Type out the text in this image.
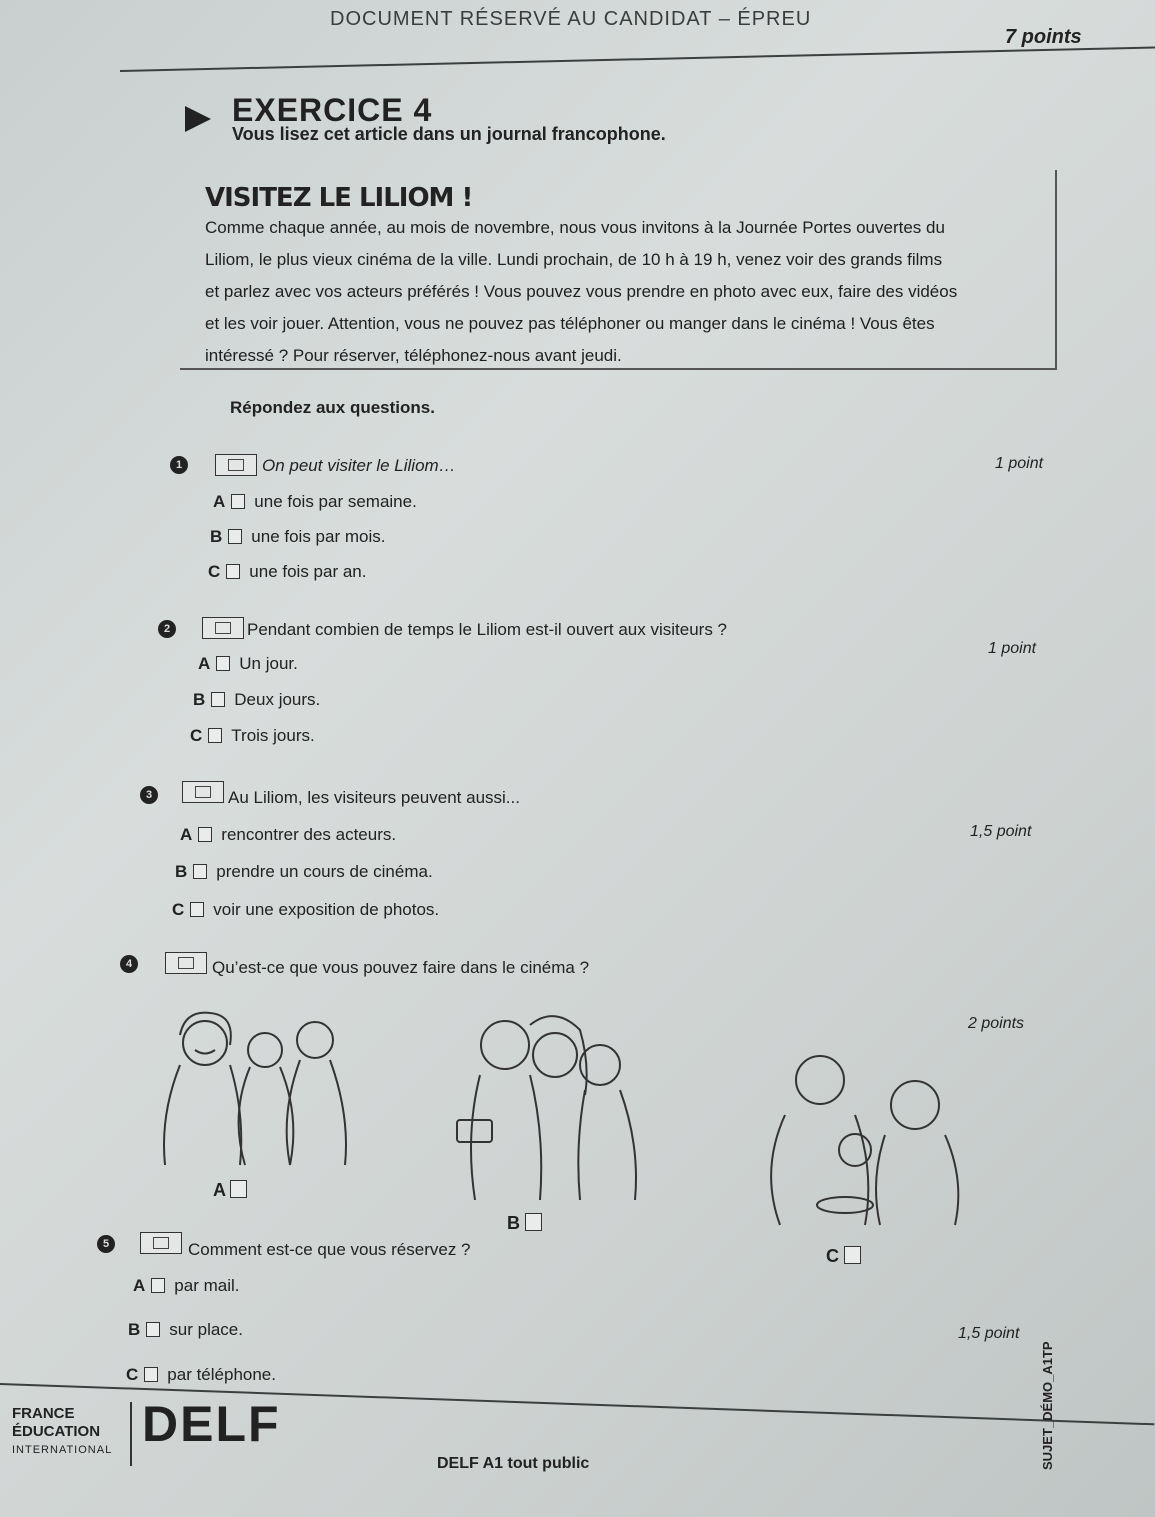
DOCUMENT RÉSERVÉ AU CANDIDAT – ÉPREU
7 points
EXERCICE 4
Vous lisez cet article dans un journal francophone.
VISITEZ LE LILIOM !
Comme chaque année, au mois de novembre, nous vous invitons à la Journée Portes ouvertes du
Liliom, le plus vieux cinéma de la ville. Lundi prochain, de 10 h à 19 h, venez voir des grands films
et parlez avec vos acteurs préférés ! Vous pouvez vous prendre en photo avec eux, faire des vidéos
et les voir jouer. Attention, vous ne pouvez pas téléphoner ou manger dans le cinéma ! Vous êtes
intéressé ? Pour réserver, téléphonez-nous avant jeudi.
Répondez aux questions.
1	On peut visiter le Liliom…	1 point
A une fois par semaine.
B une fois par mois.
C une fois par an.
2	Pendant combien de temps le Liliom est-il ouvert aux visiteurs ?
1 point
A Un jour.
B Deux jours.
C Trois jours.
3	Au Liliom, les visiteurs peuvent aussi...
1,5 point
A rencontrer des acteurs.
B prendre un cours de cinéma.
C voir une exposition de photos.
4	Qu’est-ce que vous pouvez faire dans le cinéma ?
2 points
A
B
C
5	Comment est-ce que vous réservez ?
1,5 point
A par mail.
B sur place.
C par téléphone.
FRANCE
ÉDUCATION
INTERNATIONAL DELF
DELF A1 tout public	SUJET_DÉMO_A1TP
